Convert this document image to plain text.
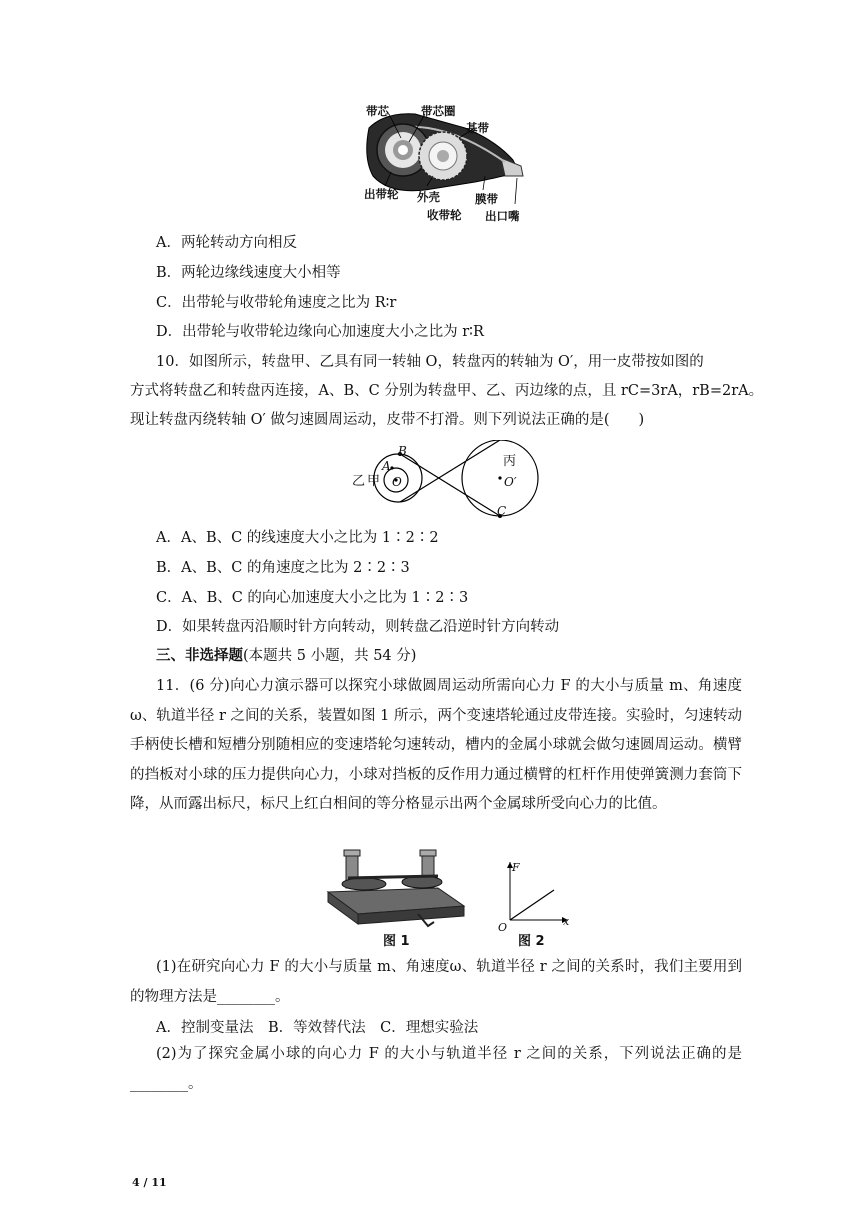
带芯	带芯圈
基带
出带轮 外壳	膜带
收带轮 出口嘴
A．两轮转动方向相反
B．两轮边缘线速度大小相等
C．出带轮与收带轮角速度之比为 R∶r
D．出带轮与收带轮边缘向心加速度大小之比为 r∶R
10．如图所示，转盘甲、乙具有同一转轴 O，转盘丙的转轴为 O′，用一皮带按如图的
方式将转盘乙和转盘丙连接，A、B、C 分别为转盘甲、乙、丙边缘的点，且 rC=3rA，rB=2rA。
现让转盘丙绕转轴 O′ 做匀速圆周运动，皮带不打滑。则下列说法正确的是(　　)
乙 甲
丙
A
B
C
O	O′
A．A、B、C 的线速度大小之比为 1∶2∶2
B．A、B、C 的角速度之比为 2∶2∶3
C．A、B、C 的向心加速度大小之比为 1∶2∶3
D．如果转盘丙沿顺时针方向转动，则转盘乙沿逆时针方向转动
三、非选择题(本题共 5 小题，共 54 分)
11．(6 分)向心力演示器可以探究小球做圆周运动所需向心力 F 的大小与质量 m、角速度 ω、轨道半径 r 之间的关系，装置如图 1 所示，两个变速塔轮通过皮带连接。实验时，匀速转动手柄使长槽和短槽分别随相应的变速塔轮匀速转动，槽内的金属小球就会做匀速圆周运动。横臂的挡板对小球的压力提供向心力，小球对挡板的反作用力通过横臂的杠杆作用使弹簧测力套筒下降，从而露出标尺，标尺上红白相间的等分格显示出两个金属球所受向心力的比值。
图 1
F
O	x
图 2
(1)在研究向心力 F 的大小与质量 m、角速度ω、轨道半径 r 之间的关系时，我们主要用到的物理方法是________。
A．控制变量法　B．等效替代法　C．理想实验法
(2)为了探究金属小球的向心力 F 的大小与轨道半径 r 之间的关系，下列说法正确的是________。
4 / 11
